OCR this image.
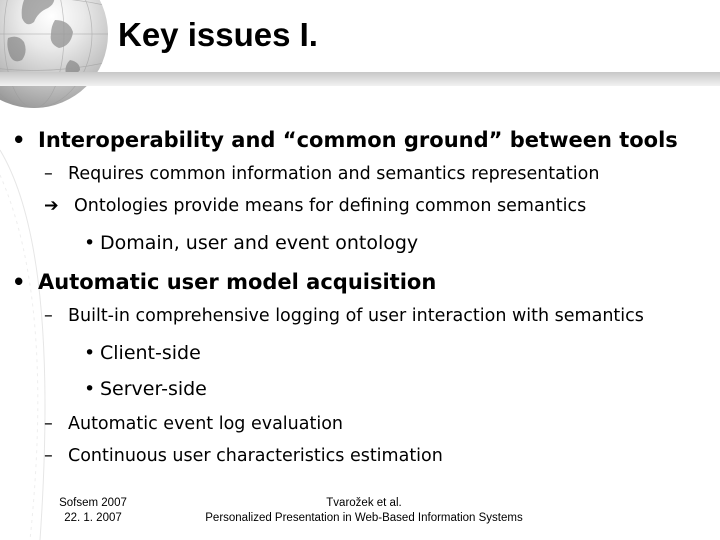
Key issues I.
• Interoperability and “common ground” between tools
– Requires common information and semantics representation
➔ Ontologies provide means for defining common semantics
• Domain, user and event ontology
• Automatic user model acquisition
– Built-in comprehensive logging of user interaction with semantics
• Client-side
• Server-side
– Automatic event log evaluation
– Continuous user characteristics estimation
Sofsem 2007
22. 1. 2007
Tvarožek et al.
Personalized Presentation in Web-Based Information Systems
